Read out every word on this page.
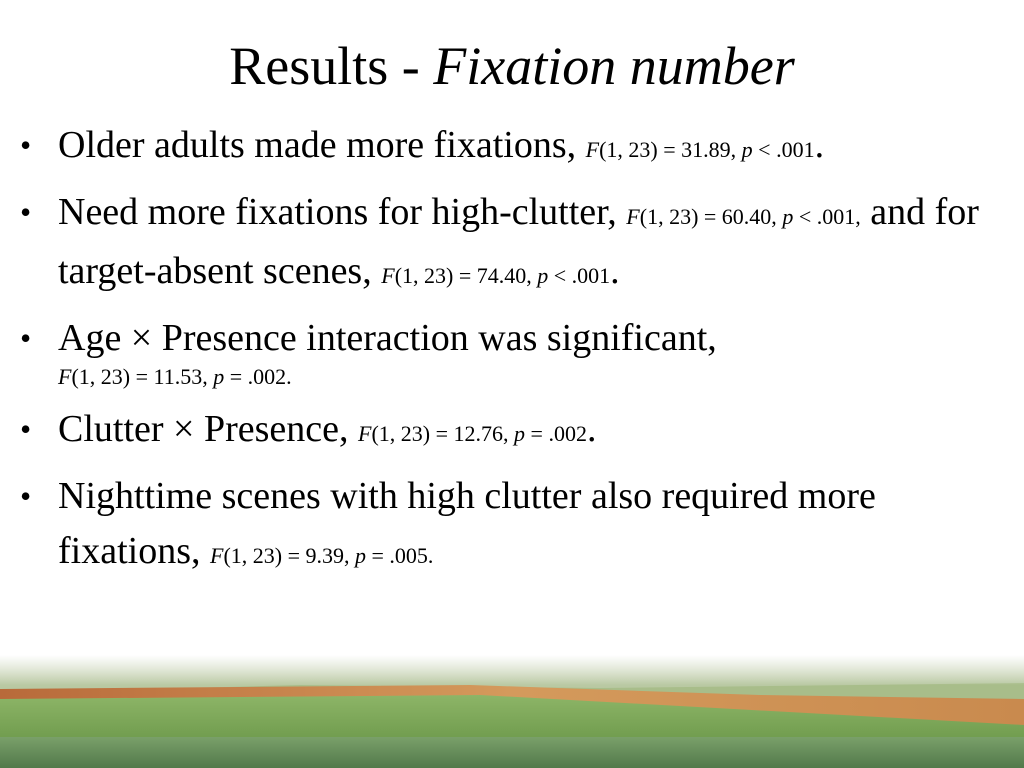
Results - Fixation number
• Older adults made more fixations, F(1, 23) = 31.89, p < .001.
• Need more fixations for high-clutter, F(1, 23) = 60.40, p < .001, and for target-absent scenes, F(1, 23) = 74.40, p < .001.
• Age × Presence interaction was significant,
F(1, 23) = 11.53, p = .002.
• Clutter × Presence, F(1, 23) = 12.76, p = .002.
• Nighttime scenes with high clutter also required more fixations, F(1, 23) = 9.39, p = .005.
